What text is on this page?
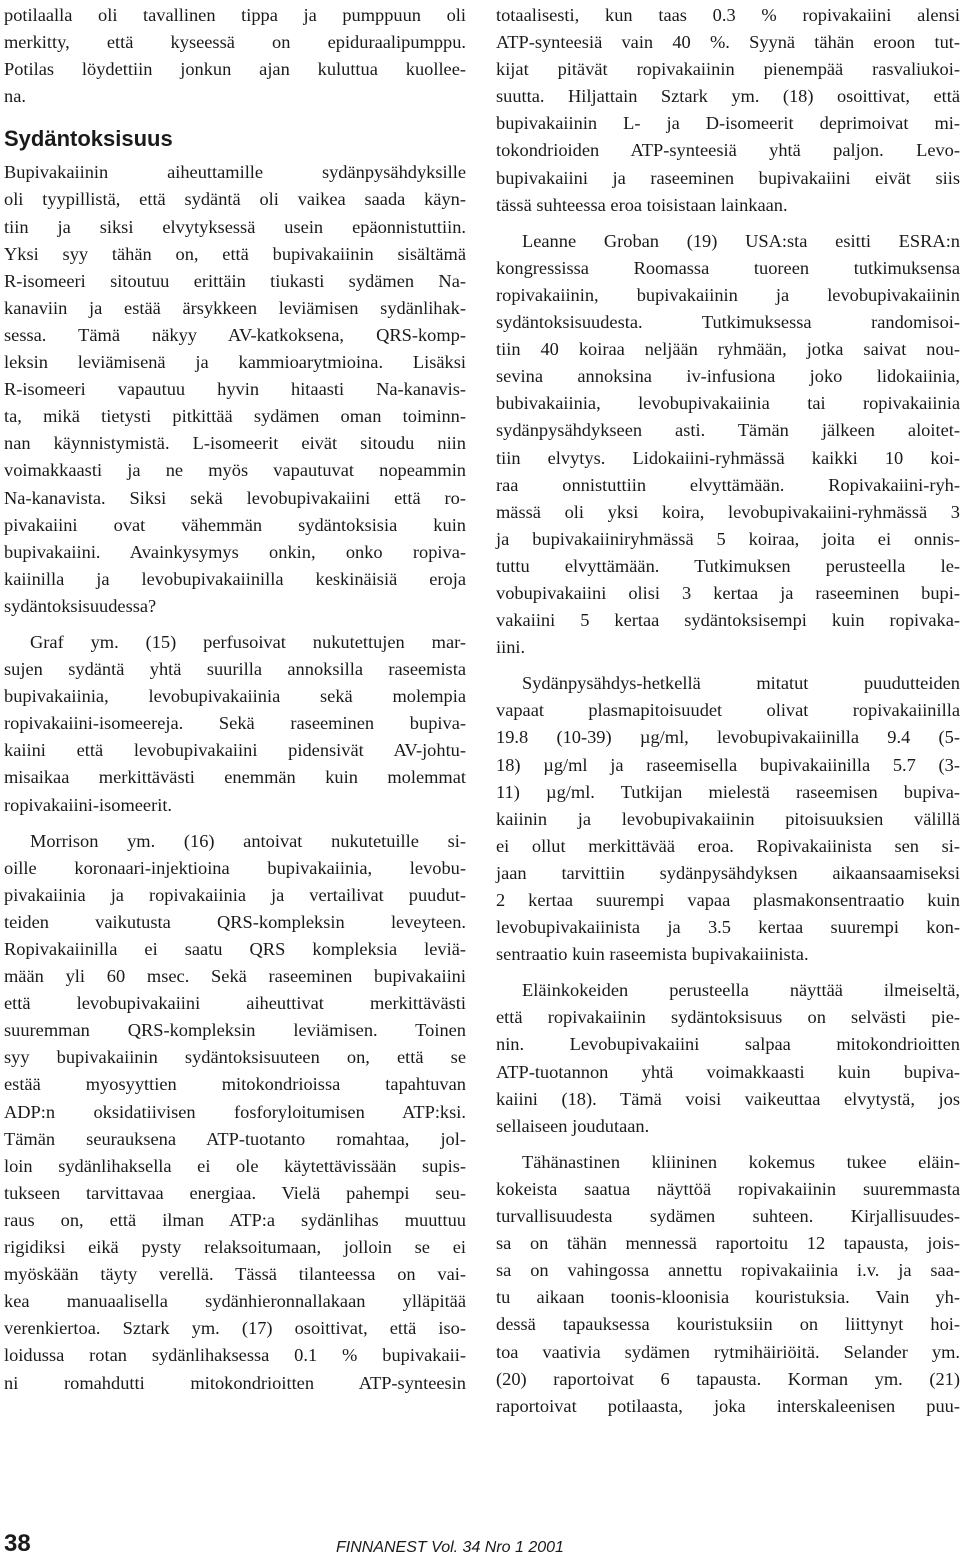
potilaalla oli tavallinen tippa ja pumppuun oli
merkitty, että kyseessä on epiduraalipumppu.
Potilas löydettiin jonkun ajan kuluttua kuollee-
na.
Sydäntoksisuus
Bupivakaiinin aiheuttamille sydänpysähdyksille
oli tyypillistä, että sydäntä oli vaikea saada käyn-
tiin ja siksi elvytyksessä usein epäonnistuttiin.
Yksi syy tähän on, että bupivakaiinin sisältämä
R-isomeeri sitoutuu erittäin tiukasti sydämen Na-
kanaviin ja estää ärsykkeen leviämisen sydänlihak-
sessa. Tämä näkyy AV-katkoksena, QRS-komp-
leksin leviämisenä ja kammioarytmioina. Lisäksi
R-isomeeri vapautuu hyvin hitaasti Na-kanavis-
ta, mikä tietysti pitkittää sydämen oman toiminn-
nan käynnistymistä. L-isomeerit eivät sitoudu niin
voimakkaasti ja ne myös vapautuvat nopeammin
Na-kanavista. Siksi sekä levobupivakaiini että ro-
pivakaiini ovat vähemmän sydäntoksisia kuin
bupivakaiini. Avainkysymys onkin, onko ropiva-
kaiinilla ja levobupivakaiinilla keskinäisiä eroja
sydäntoksisuudessa?
Graf ym. (15) perfusoivat nukutettujen mar-
sujen sydäntä yhtä suurilla annoksilla raseemista
bupivakaiinia, levobupivakaiinia sekä molempia
ropivakaiini-isomeereja. Sekä raseeminen bupiva-
kaiini että levobupivakaiini pidensivät AV-johtu-
misaikaa merkittävästi enemmän kuin molemmat
ropivakaiini-isomeerit.
Morrison ym. (16) antoivat nukutetuille si-
oille koronaari-injektioina bupivakaiinia, levobu-
pivakaiinia ja ropivakaiinia ja vertailivat puudut-
teiden vaikutusta QRS-kompleksin leveyteen.
Ropivakaiinilla ei saatu QRS kompleksia leviä-
mään yli 60 msec. Sekä raseeminen bupivakaiini
että levobupivakaiini aiheuttivat merkittävästi
suuremman QRS-kompleksin leviämisen. Toinen
syy bupivakaiinin sydäntoksisuuteen on, että se
estää myosyyttien mitokondrioissa tapahtuvan
ADP:n oksidatiivisen fosforyloitumisen ATP:ksi.
Tämän seurauksena ATP-tuotanto romahtaa, jol-
loin sydänlihaksella ei ole käytettävissään supis-
tukseen tarvittavaa energiaa. Vielä pahempi seu-
raus on, että ilman ATP:a sydänlihas muuttuu
rigidiksi eikä pysty relaksoitumaan, jolloin se ei
myöskään täyty verellä. Tässä tilanteessa on vai-
kea manuaalisella sydänhieronnallakaan ylläpitää
verenkiertoa. Sztark ym. (17) osoittivat, että iso-
loidussa rotan sydänlihaksessa 0.1 % bupivakaii-
ni romahdutti mitokondrioitten ATP-synteesin
totaalisesti, kun taas 0.3 % ropivakaiini alensi
ATP-synteesiä vain 40 %. Syynä tähän eroon tut-
kijat pitävät ropivakaiinin pienempää rasvaliukoi-
suutta. Hiljattain Sztark ym. (18) osoittivat, että
bupivakaiinin L- ja D-isomeerit deprimoivat mi-
tokondrioiden ATP-synteesiä yhtä paljon. Levo-
bupivakaiini ja raseeminen bupivakaiini eivät siis
tässä suhteessa eroa toisistaan lainkaan.
Leanne Groban (19) USA:sta esitti ESRA:n
kongressissa Roomassa tuoreen tutkimuksensa
ropivakaiinin, bupivakaiinin ja levobupivakaiinin
sydäntoksisuudesta. Tutkimuksessa randomisoi-
tiin 40 koiraa neljään ryhmään, jotka saivat nou-
sevina annoksina iv-infusiona joko lidokaiinia,
bubivakaiinia, levobupivakaiinia tai ropivakaiinia
sydänpysähdykseen asti. Tämän jälkeen aloitet-
tiin elvytys. Lidokaiini-ryhmässä kaikki 10 koi-
raa onnistuttiin elvyttämään. Ropivakaiini-ryh-
mässä oli yksi koira, levobupivakaiini-ryhmässä 3
ja bupivakaiiniryhmässä 5 koiraa, joita ei onnis-
tuttu elvyttämään. Tutkimuksen perusteella le-
vobupivakaiini olisi 3 kertaa ja raseeminen bupi-
vakaiini 5 kertaa sydäntoksisempi kuin ropivaka-
iini.
Sydänpysähdys-hetkellä mitatut puudutteiden
vapaat plasmapitoisuudet olivat ropivakaiinilla
19.8 (10-39) µg/ml, levobupivakaiinilla 9.4 (5-
18) µg/ml ja raseemisella bupivakaiinilla 5.7 (3-
11) µg/ml. Tutkijan mielestä raseemisen bupiva-
kaiinin ja levobupivakaiinin pitoisuuksien välillä
ei ollut merkittävää eroa. Ropivakaiinista sen si-
jaan tarvittiin sydänpysähdyksen aikaansaamiseksi
2 kertaa suurempi vapaa plasmakonsentraatio kuin
levobupivakaiinista ja 3.5 kertaa suurempi kon-
sentraatio kuin raseemista bupivakaiinista.
Eläinkokeiden perusteella näyttää ilmeiseltä,
että ropivakaiinin sydäntoksisuus on selvästi pie-
nin. Levobupivakaiini salpaa mitokondrioitten
ATP-tuotannon yhtä voimakkaasti kuin bupiva-
kaiini (18). Tämä voisi vaikeuttaa elvytystä, jos
sellaiseen joudutaan.
Tähänastinen kliininen kokemus tukee eläin-
kokeista saatua näyttöä ropivakaiinin suuremmasta
turvallisuudesta sydämen suhteen. Kirjallisuudes-
sa on tähän mennessä raportoitu 12 tapausta, jois-
sa on vahingossa annettu ropivakaiinia i.v. ja saa-
tu aikaan toonis-kloonisia kouristuksia. Vain yh-
dessä tapauksessa kouristuksiin on liittynyt hoi-
toa vaativia sydämen rytmihäiriöitä. Selander ym.
(20) raportoivat 6 tapausta. Korman ym. (21)
raportoivat potilaasta, joka interskaleenisen puu-
38	FINNANEST Vol. 34 Nro 1 2001
